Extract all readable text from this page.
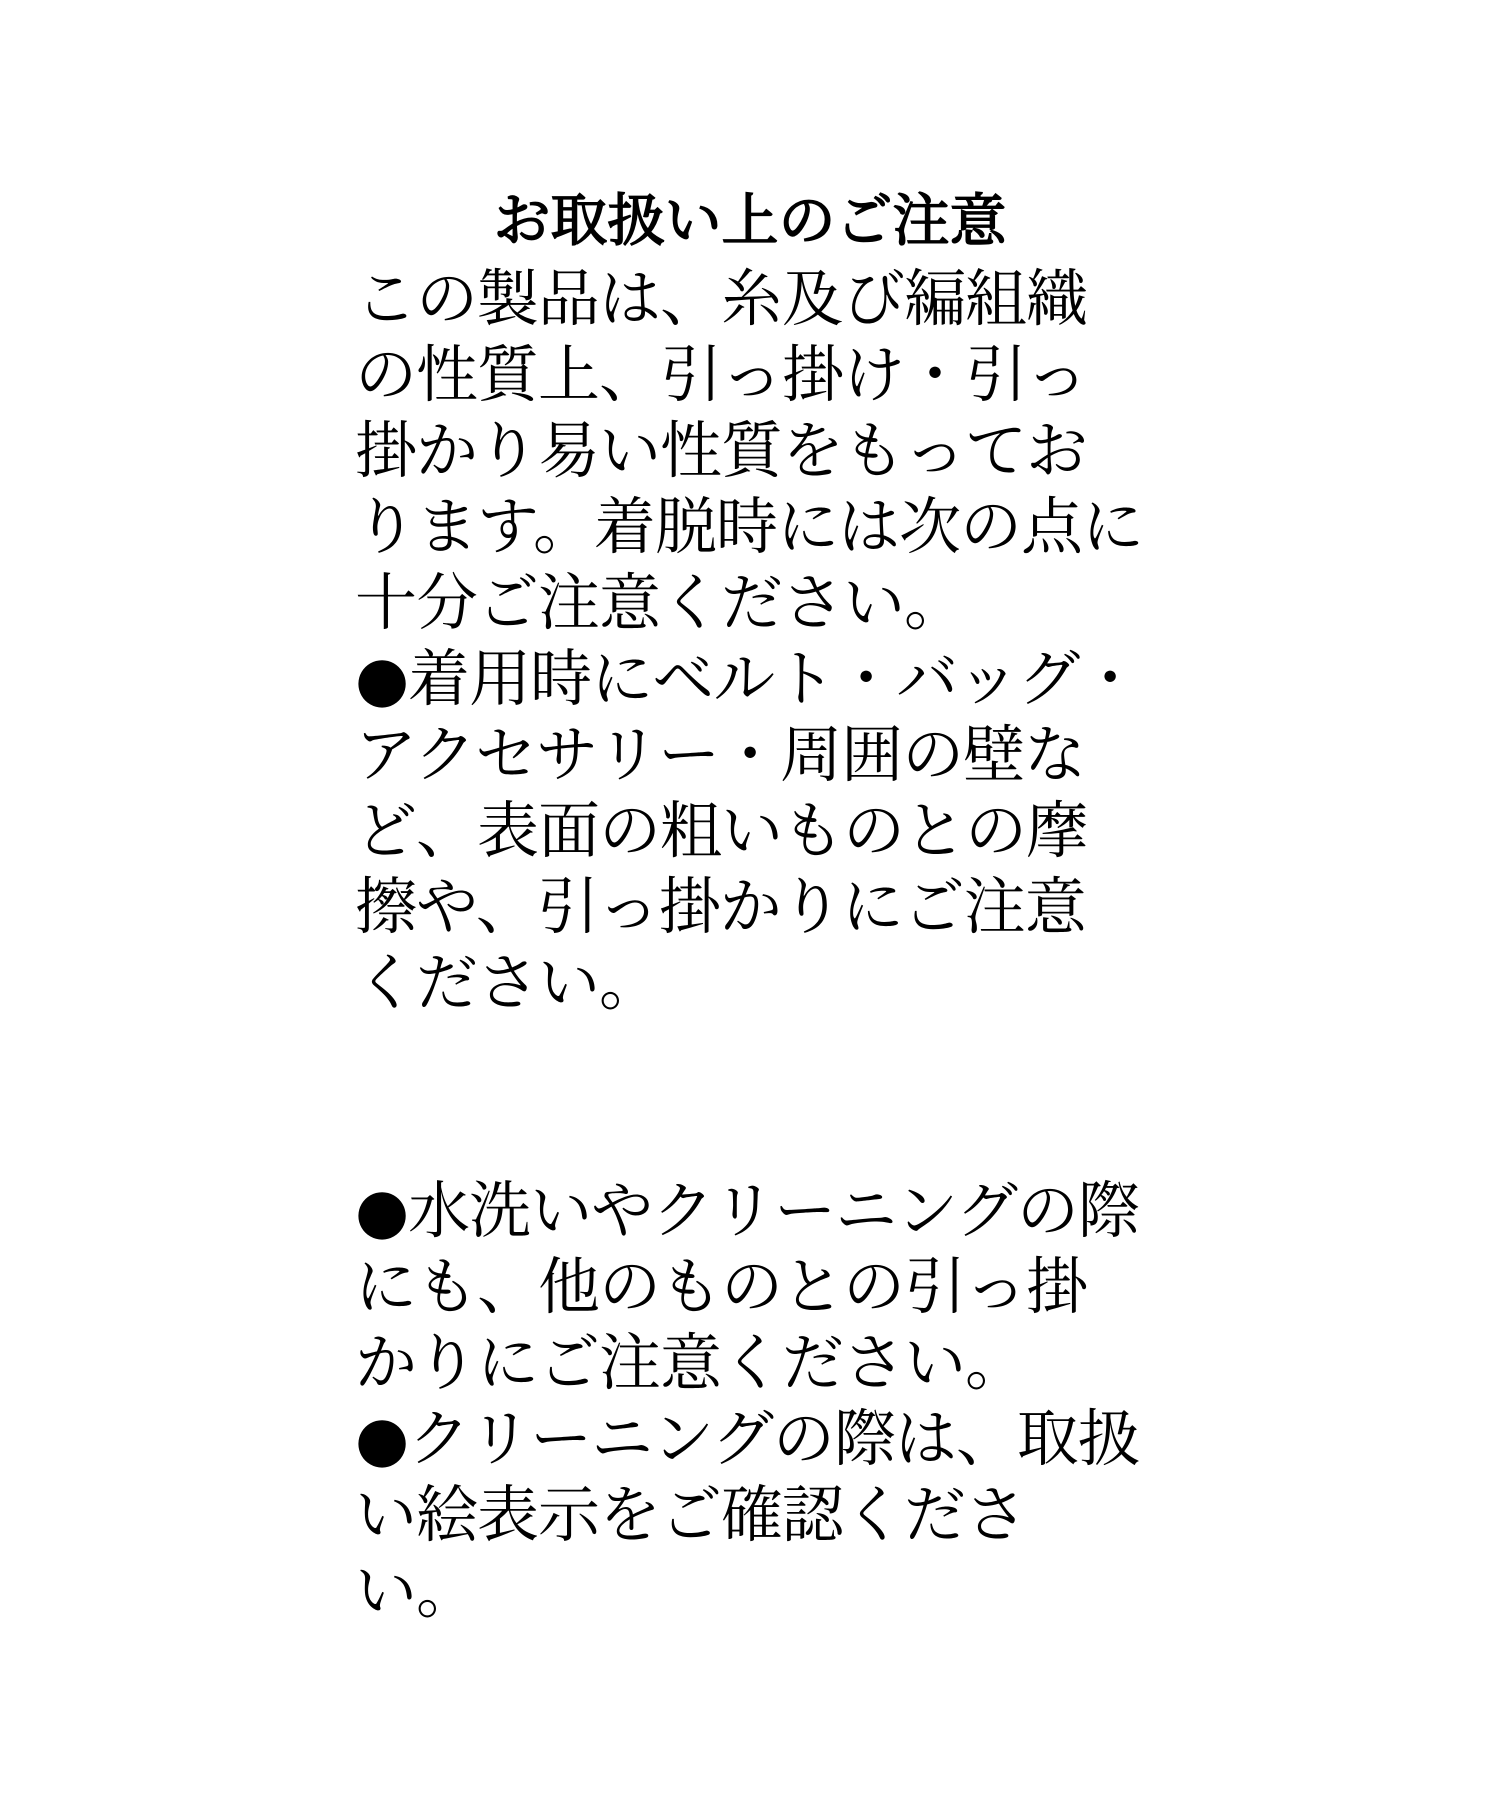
お取扱い上のご注意

この製品は、糸及び編組織の性質上、引っ掛け・引っ掛かり易い性質をもっております。着脱時には次の点に十分ご注意ください。

●着用時にベルト・バッグ・アクセサリー・周囲の壁など、表面の粗いものとの摩擦や、引っ掛かりにご注意ください。

●水洗いやクリーニングの際にも、他のものとの引っ掛かりにご注意ください。

●クリーニングの際は、取扱い絵表示をご確認ください。
